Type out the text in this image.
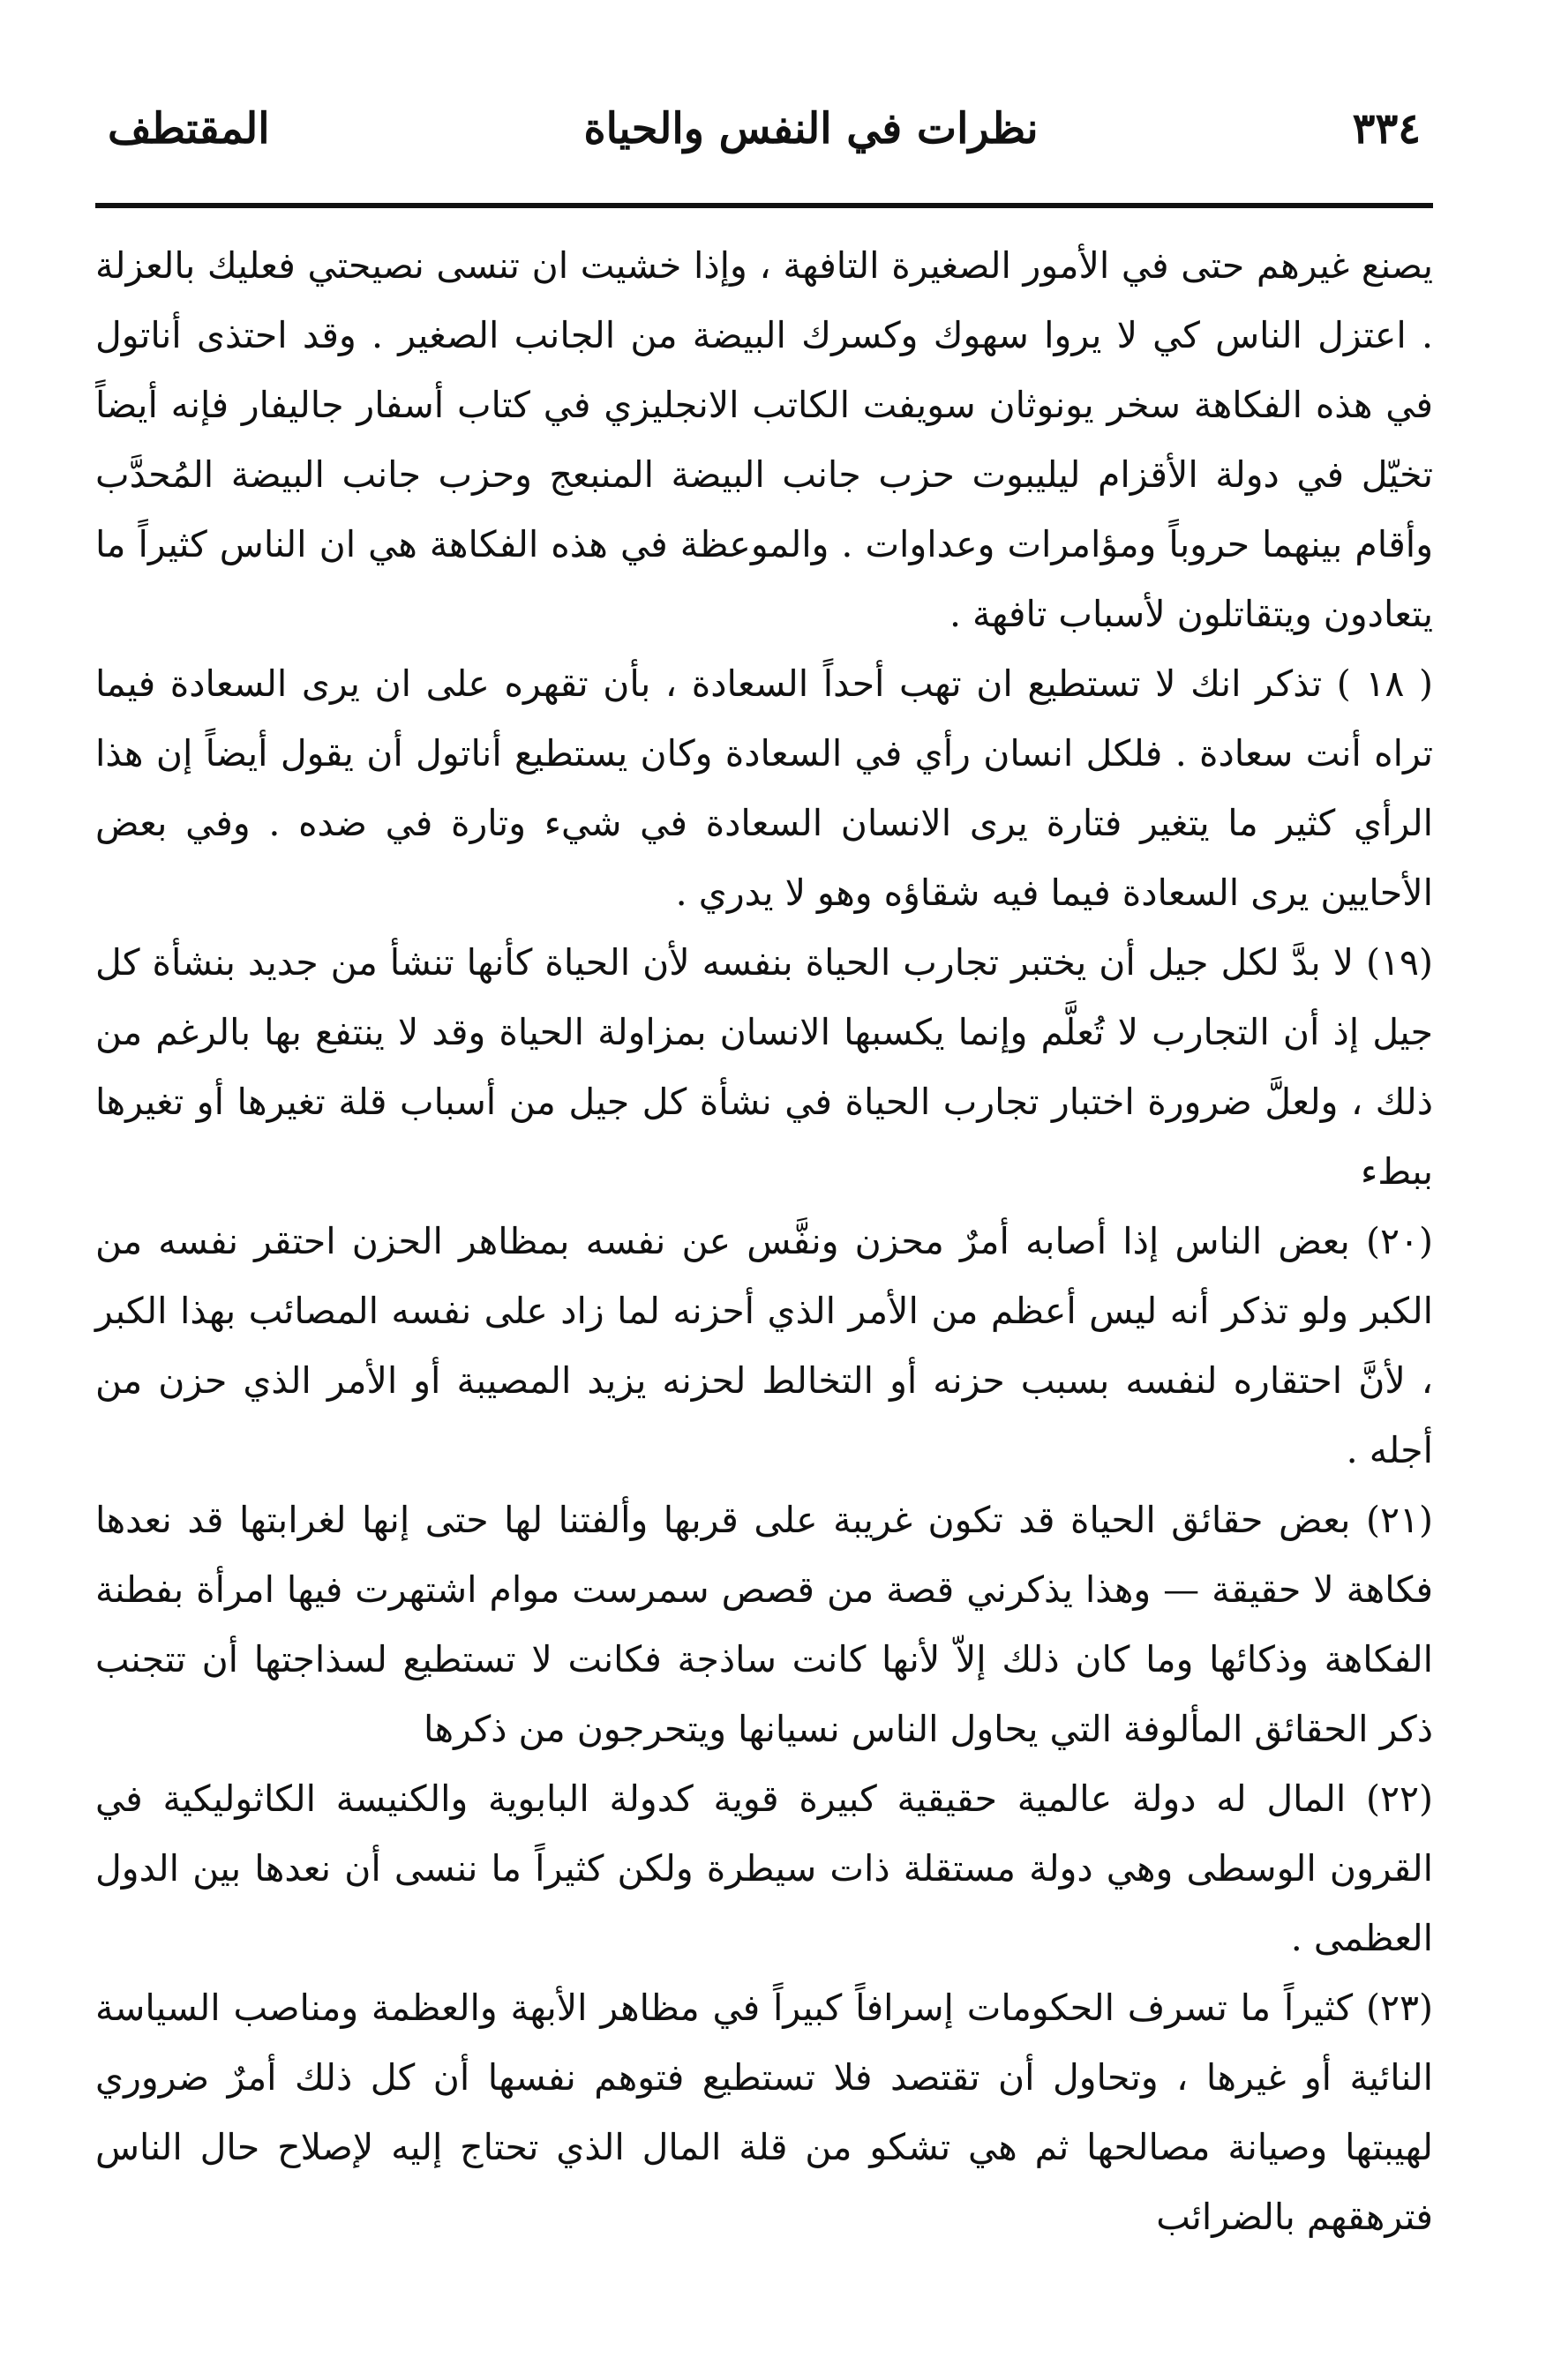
٣٣٤
نظرات في النفس والحياة
المقتطف

يصنع غيرهم حتى في الأمور الصغيرة التافهة ، وإذا خشيت ان تنسى نصيحتي فعليك بالعزلة . اعتزل الناس كي لا يروا سهوك وكسرك البيضة من الجانب الصغير . وقد احتذى أناتول في هذه الفكاهة سخر يونوثان سويفت الكاتب الانجليزي في كتاب أسفار جاليفار فإنه أيضاً تخيّل في دولة الأقزام ليليبوت حزب جانب البيضة المنبعج وحزب جانب البيضة المُحدَّب وأقام بينهما حروباً ومؤامرات وعداوات . والموعظة في هذه الفكاهة هي ان الناس كثيراً ما يتعادون ويتقاتلون لأسباب تافهة .

( ١٨ ) تذكر انك لا تستطيع ان تهب أحداً السعادة ، بأن تقهره على ان يرى السعادة فيما تراه أنت سعادة . فلكل انسان رأي في السعادة وكان يستطيع أناتول أن يقول أيضاً إن هذا الرأي كثير ما يتغير فتارة يرى الانسان السعادة في شيء وتارة في ضده . وفي بعض الأحايين يرى السعادة فيما فيه شقاؤه وهو لا يدري .

(١٩) لا بدَّ لكل جيل أن يختبر تجارب الحياة بنفسه لأن الحياة كأنها تنشأ من جديد بنشأة كل جيل إذ أن التجارب لا تُعلَّم وإنما يكسبها الانسان بمزاولة الحياة وقد لا ينتفع بها بالرغم من ذلك ، ولعلَّ ضرورة اختبار تجارب الحياة في نشأة كل جيل من أسباب قلة تغيرها أو تغيرها ببطء

(٢٠) بعض الناس إذا أصابه أمرٌ محزن ونفَّس عن نفسه بمظاهر الحزن احتقر نفسه من الكبر ولو تذكر أنه ليس أعظم من الأمر الذي أحزنه لما زاد على نفسه المصائب بهذا الكبر ، لأنَّ احتقاره لنفسه بسبب حزنه أو التخالط لحزنه يزيد المصيبة أو الأمر الذي حزن من أجله .

(٢١) بعض حقائق الحياة قد تكون غريبة على قربها وألفتنا لها حتى إنها لغرابتها قد نعدها فكاهة لا حقيقة — وهذا يذكرني قصة من قصص سمرست موام اشتهرت فيها امرأة بفطنة الفكاهة وذكائها وما كان ذلك إلاّ لأنها كانت ساذجة فكانت لا تستطيع لسذاجتها أن تتجنب ذكر الحقائق المألوفة التي يحاول الناس نسيانها ويتحرجون من ذكرها

(٢٢) المال له دولة عالمية حقيقية كبيرة قوية كدولة البابوية والكنيسة الكاثوليكية في القرون الوسطى وهي دولة مستقلة ذات سيطرة ولكن كثيراً ما ننسى أن نعدها بين الدول العظمى .

(٢٣) كثيراً ما تسرف الحكومات إسرافاً كبيراً في مظاهر الأبهة والعظمة ومناصب السياسة النائية أو غيرها ، وتحاول أن تقتصد فلا تستطيع فتوهم نفسها أن كل ذلك أمرٌ ضروري لهيبتها وصيانة مصالحها ثم هي تشكو من قلة المال الذي تحتاج إليه لإصلاح حال الناس فترهقهم بالضرائب
